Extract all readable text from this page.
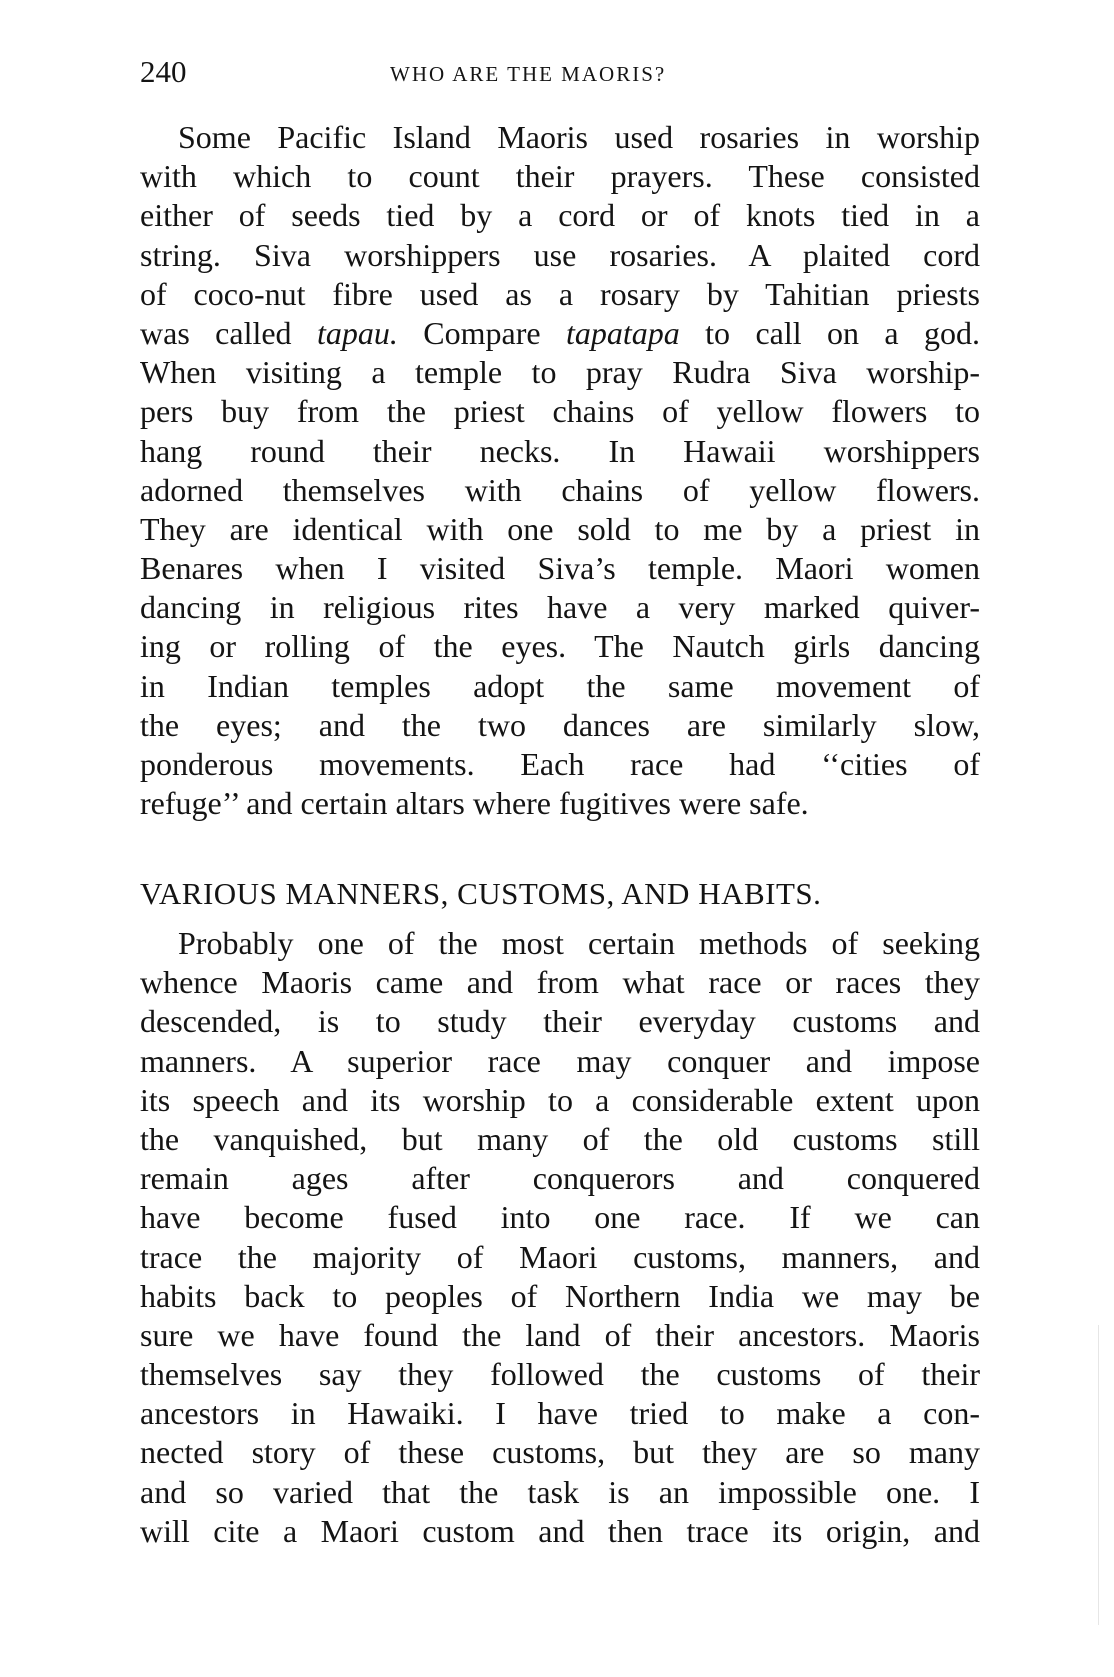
240	WHO ARE THE MAORIS?
Some Pacific Island Maoris used rosaries in worship
with which to count their prayers. These consisted
either of seeds tied by a cord or of knots tied in a
string. Siva worshippers use rosaries. A plaited cord
of coco-nut fibre used as a rosary by Tahitian priests
was called tapau. Compare tapatapa to call on a god.
When visiting a temple to pray Rudra Siva worship-
pers buy from the priest chains of yellow flowers to
hang round their necks. In Hawaii worshippers
adorned themselves with chains of yellow flowers.
They are identical with one sold to me by a priest in
Benares when I visited Siva’s temple. Maori women
dancing in religious rites have a very marked quiver-
ing or rolling of the eyes. The Nautch girls dancing
in Indian temples adopt the same movement of
the eyes; and the two dances are similarly slow,
ponderous movements. Each race had ‘‘cities of
refuge’’ and certain altars where fugitives were safe.
VARIOUS MANNERS, CUSTOMS, AND HABITS.
Probably one of the most certain methods of seeking
whence Maoris came and from what race or races they
descended, is to study their everyday customs and
manners. A superior race may conquer and impose
its speech and its worship to a considerable extent upon
the vanquished, but many of the old customs still
remain ages after conquerors and conquered
have become fused into one race. If we can
trace the majority of Maori customs, manners, and
habits back to peoples of Northern India we may be
sure we have found the land of their ancestors. Maoris
themselves say they followed the customs of their
ancestors in Hawaiki. I have tried to make a con-
nected story of these customs, but they are so many
and so varied that the task is an impossible one. I
will cite a Maori custom and then trace its origin, and
